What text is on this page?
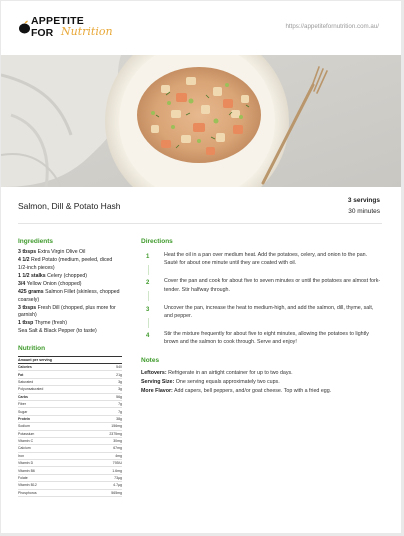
APPETITE
FOR Nutrition	https://appetitefornutrition.com.au/
Salmon, Dill & Potato Hash
3 servings
30 minutes
Ingredients
3 tbsps Extra Virgin Olive Oil
4 1/2 Red Potato (medium, peeled, diced 1/2-inch pieces)
1 1/2 stalks Celery (chopped)
3/4 Yellow Onion (chopped)
425 grams Salmon Fillet (skinless, chopped coarsely)
3 tbsps Fresh Dill (chopped, plus more for garnish)
1 tbsp Thyme (fresh)
Sea Salt & Black Pepper (to taste)
Nutrition
Amount per serving
Calories	540
Fat	21g
Saturated	3g
Polyunsaturated	3g
Carbs	56g
Fiber	7g
Sugar	7g
Protein	38g
Sodium	156mg
Potassium	2375mg
Vitamin C	30mg
Calcium	67mg
Iron	4mg
Vitamin D	793IU
Vitamin B6	1.6mg
Folate	73µg
Vitamin B12	4.7µg
Phosphorus	565mg
Directions
1	Heat the oil in a pan over medium heat. Add the potatoes, celery, and onion to the pan. Sauté for about one minute until they are coated with oil.
2	Cover the pan and cook for about five to seven minutes or until the potatoes are almost fork-tender. Stir halfway through.
3	Uncover the pan, increase the heat to medium-high, and add the salmon, dill, thyme, salt, and pepper.
4	Stir the mixture frequently for about five to eight minutes, allowing the potatoes to lightly brown and the salmon to cook through. Serve and enjoy!
Notes
Leftovers: Refrigerate in an airtight container for up to two days.
Serving Size: One serving equals approximately two cups.
More Flavor: Add capers, bell peppers, and/or goat cheese. Top with a fried egg.
